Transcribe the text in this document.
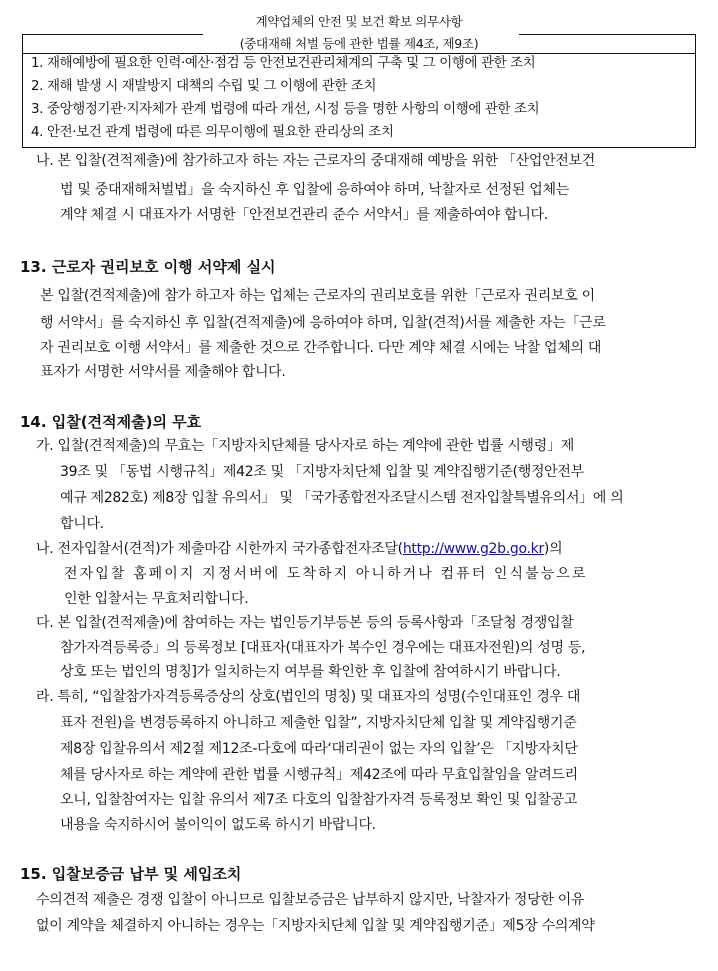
계약업체의 안전 및 보건 확보 의무사항
1. 재해예방에 필요한 인력·예산·점검 등 안전보건관리체계의 구축 및 그 이행에 관한 조치
2. 재해 발생 시 재발방지 대책의 수립 및 그 이행에 관한 조치
3. 중앙행정기관·지자체가 관계 법령에 따라 개선, 시정 등을 명한 사항의 이행에 관한 조치
4. 안전·보건 관계 법령에 따른 의무이행에 필요한 관리상의 조치
(중대재해 처벌 등에 관한 법률 제4조, 제9조)
나. 본 입찰(견적제출)에 참가하고자 하는 자는 근로자의 중대재해 예방을 위한 「산업안전보건
법 및 중대재해처벌법」을 숙지하신 후 입찰에 응하여야 하며, 낙찰자로 선정된 업체는
계약 체결 시 대표자가 서명한「안전보건관리 준수 서약서」를 제출하여야 합니다.
13. 근로자 권리보호 이행 서약제 실시
본 입찰(견적제출)에 참가 하고자 하는 업체는 근로자의 권리보호를 위한「근로자 권리보호 이
행 서약서」를 숙지하신 후 입찰(견적제출)에 응하여야 하며, 입찰(견적)서를 제출한 자는「근로
자 권리보호 이행 서약서」를 제출한 것으로 간주합니다. 다만 계약 체결 시에는 낙찰 업체의 대
표자가 서명한 서약서를 제출해야 합니다.
14. 입찰(견적제출)의 무효
가. 입찰(견적제출)의 무효는「지방자치단체를 당사자로 하는 계약에 관한 법률 시행령」제
39조 및 「동법 시행규칙」제42조 및 「지방자치단체 입찰 및 계약집행기준(행정안전부
예규 제282호) 제8장 입찰 유의서」 및 「국가종합전자조달시스템 전자입찰특별유의서」에 의
합니다.
나. 전자입찰서(견적)가 제출마감 시한까지 국가종합전자조달(http://www.g2b.go.kr)의
전자입찰 홈페이지 지정서버에 도착하지 아니하거나 컴퓨터 인식불능으로
인한 입찰서는 무효처리합니다.
다. 본 입찰(견적제출)에 참여하는 자는 법인등기부등본 등의 등록사항과「조달청 경쟁입찰
참가자격등록증」의 등록정보 [대표자(대표자가 복수인 경우에는 대표자전원)의 성명 등,
상호 또는 법인의 명칭]가 일치하는지 여부를 확인한 후 입찰에 참여하시기 바랍니다.
라. 특히, “입찰참가자격등록증상의 상호(법인의 명칭) 및 대표자의 성명(수인대표인 경우 대
표자 전원)을 변경등록하지 아니하고 제출한 입찰”, 지방자치단체 입찰 및 계약집행기준
제8장 입찰유의서 제2절 제12조-다호에 따라‘대리권이 없는 자의 입찰’은 「지방자치단
체를 당사자로 하는 계약에 관한 법률 시행규칙」제42조에 따라 무효입찰임을 알려드리
오니, 입찰참여자는 입찰 유의서 제7조 다호의 입찰참가자격 등록정보 확인 및 입찰공고
내용을 숙지하시어 불이익이 없도록 하시기 바랍니다.
15. 입찰보증금 납부 및 세입조치
수의견적 제출은 경쟁 입찰이 아니므로 입찰보증금은 납부하지 않지만, 낙찰자가 정당한 이유
없이 계약을 체결하지 아니하는 경우는「지방자치단체 입찰 및 계약집행기준」제5장 수의계약
